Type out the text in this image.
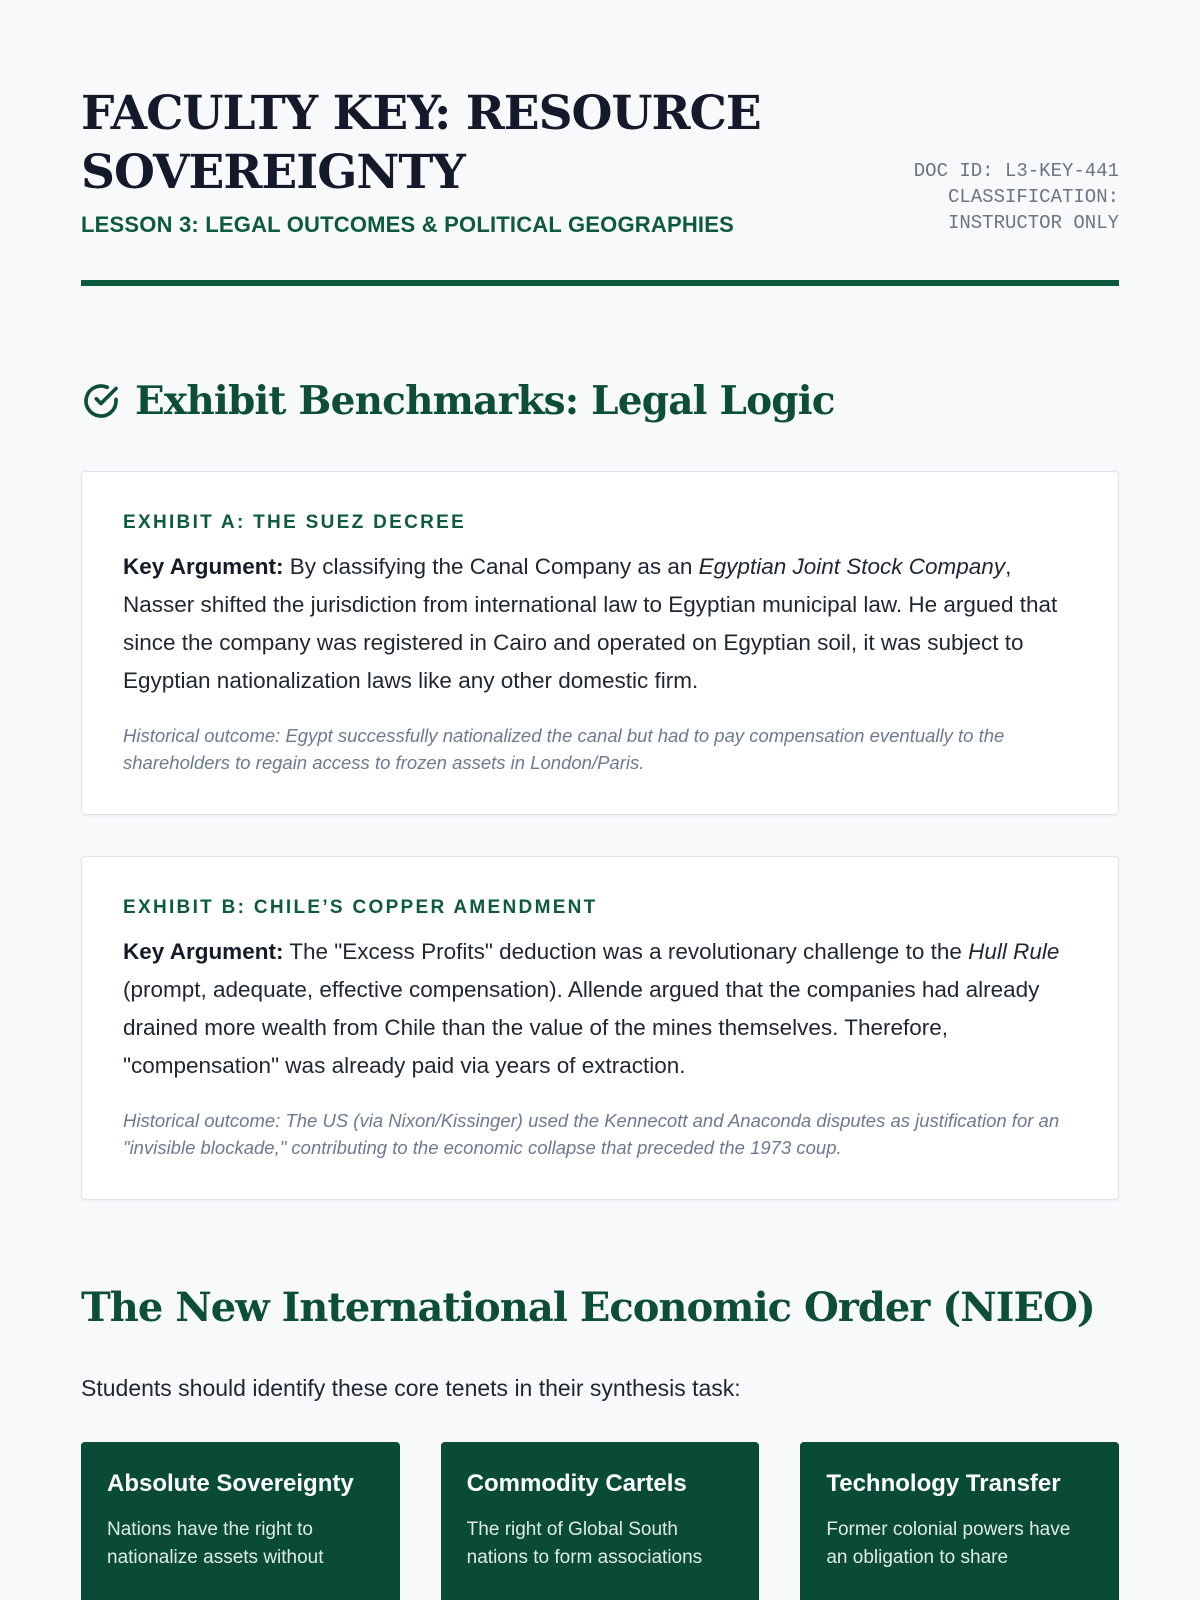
FACULTY KEY: RESOURCE SOVEREIGNTY
LESSON 3: LEGAL OUTCOMES & POLITICAL GEOGRAPHIES
DOC ID: L3-KEY-441
CLASSIFICATION:
INSTRUCTOR ONLY
Exhibit Benchmarks: Legal Logic
EXHIBIT A: THE SUEZ DECREE

Key Argument: By classifying the Canal Company as an Egyptian Joint Stock Company, Nasser shifted the jurisdiction from international law to Egyptian municipal law. He argued that since the company was registered in Cairo and operated on Egyptian soil, it was subject to Egyptian nationalization laws like any other domestic firm.

Historical outcome: Egypt successfully nationalized the canal but had to pay compensation eventually to the shareholders to regain access to frozen assets in London/Paris.

EXHIBIT B: CHILE’S COPPER AMENDMENT

Key Argument: The "Excess Profits" deduction was a revolutionary challenge to the Hull Rule (prompt, adequate, effective compensation). Allende argued that the companies had already drained more wealth from Chile than the value of the mines themselves. Therefore, "compensation" was already paid via years of extraction.

Historical outcome: The US (via Nixon/Kissinger) used the Kennecott and Anaconda disputes as justification for an "invisible blockade," contributing to the economic collapse that preceded the 1973 coup.

The New International Economic Order (NIEO)

Students should identify these core tenets in their synthesis task:

Absolute Sovereignty
Nations have the right to nationalize assets without
Commodity Cartels
The right of Global South nations to form associations
Technology Transfer
Former colonial powers have an obligation to share
